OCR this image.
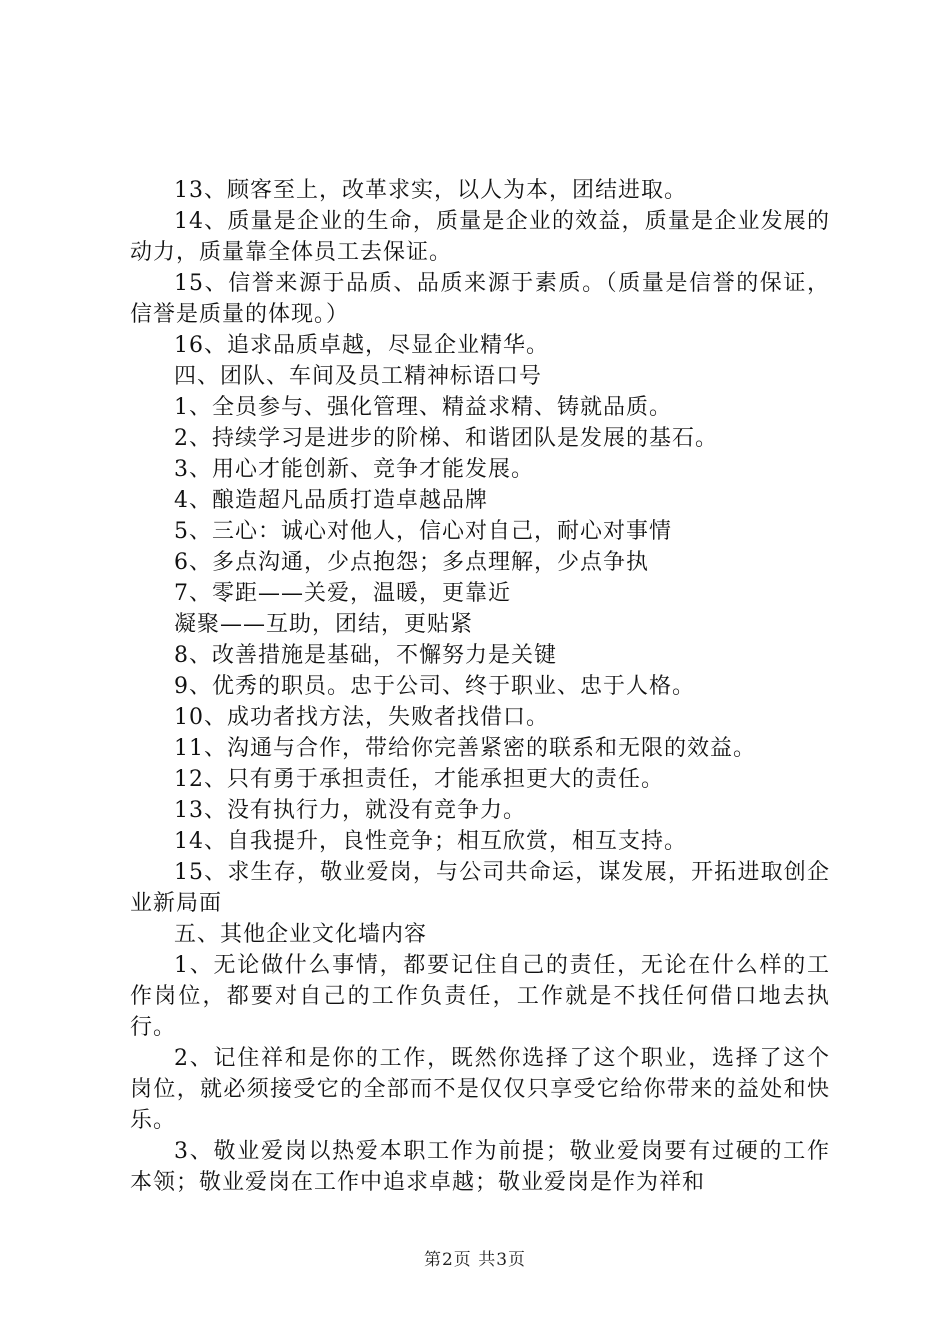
13、顾客至上，改革求实，以人为本，团结进取。

14、质量是企业的生命，质量是企业的效益，质量是企业发展的动力，质量靠全体员工去保证。

15、信誉来源于品质、品质来源于素质。（质量是信誉的保证，信誉是质量的体现。）

16、追求品质卓越，尽显企业精华。

四、团队、车间及员工精神标语口号

1、全员参与、强化管理、精益求精、铸就品质。

2、持续学习是进步的阶梯、和谐团队是发展的基石。

3、用心才能创新、竞争才能发展。

4、酿造超凡品质打造卓越品牌

5、三心：诚心对他人，信心对自己，耐心对事情

6、多点沟通，少点抱怨；多点理解，少点争执

7、零距——关爱，温暖，更靠近

凝聚——互助，团结，更贴紧

8、改善措施是基础，不懈努力是关键

9、优秀的职员。忠于公司、终于职业、忠于人格。

10、成功者找方法，失败者找借口。

11、沟通与合作，带给你完善紧密的联系和无限的效益。

12、只有勇于承担责任，才能承担更大的责任。

13、没有执行力，就没有竞争力。

14、自我提升，良性竞争；相互欣赏，相互支持。

15、求生存，敬业爱岗，与公司共命运，谋发展，开拓进取创企业新局面

五、其他企业文化墙内容

1、无论做什么事情，都要记住自己的责任，无论在什么样的工作岗位，都要对自己的工作负责任，工作就是不找任何借口地去执行。

2、记住祥和是你的工作，既然你选择了这个职业，选择了这个岗位，就必须接受它的全部而不是仅仅只享受它给你带来的益处和快乐。

3、敬业爱岗以热爱本职工作为前提；敬业爱岗要有过硬的工作本领；敬业爱岗在工作中追求卓越；敬业爱岗是作为祥和

第2页 共3页
